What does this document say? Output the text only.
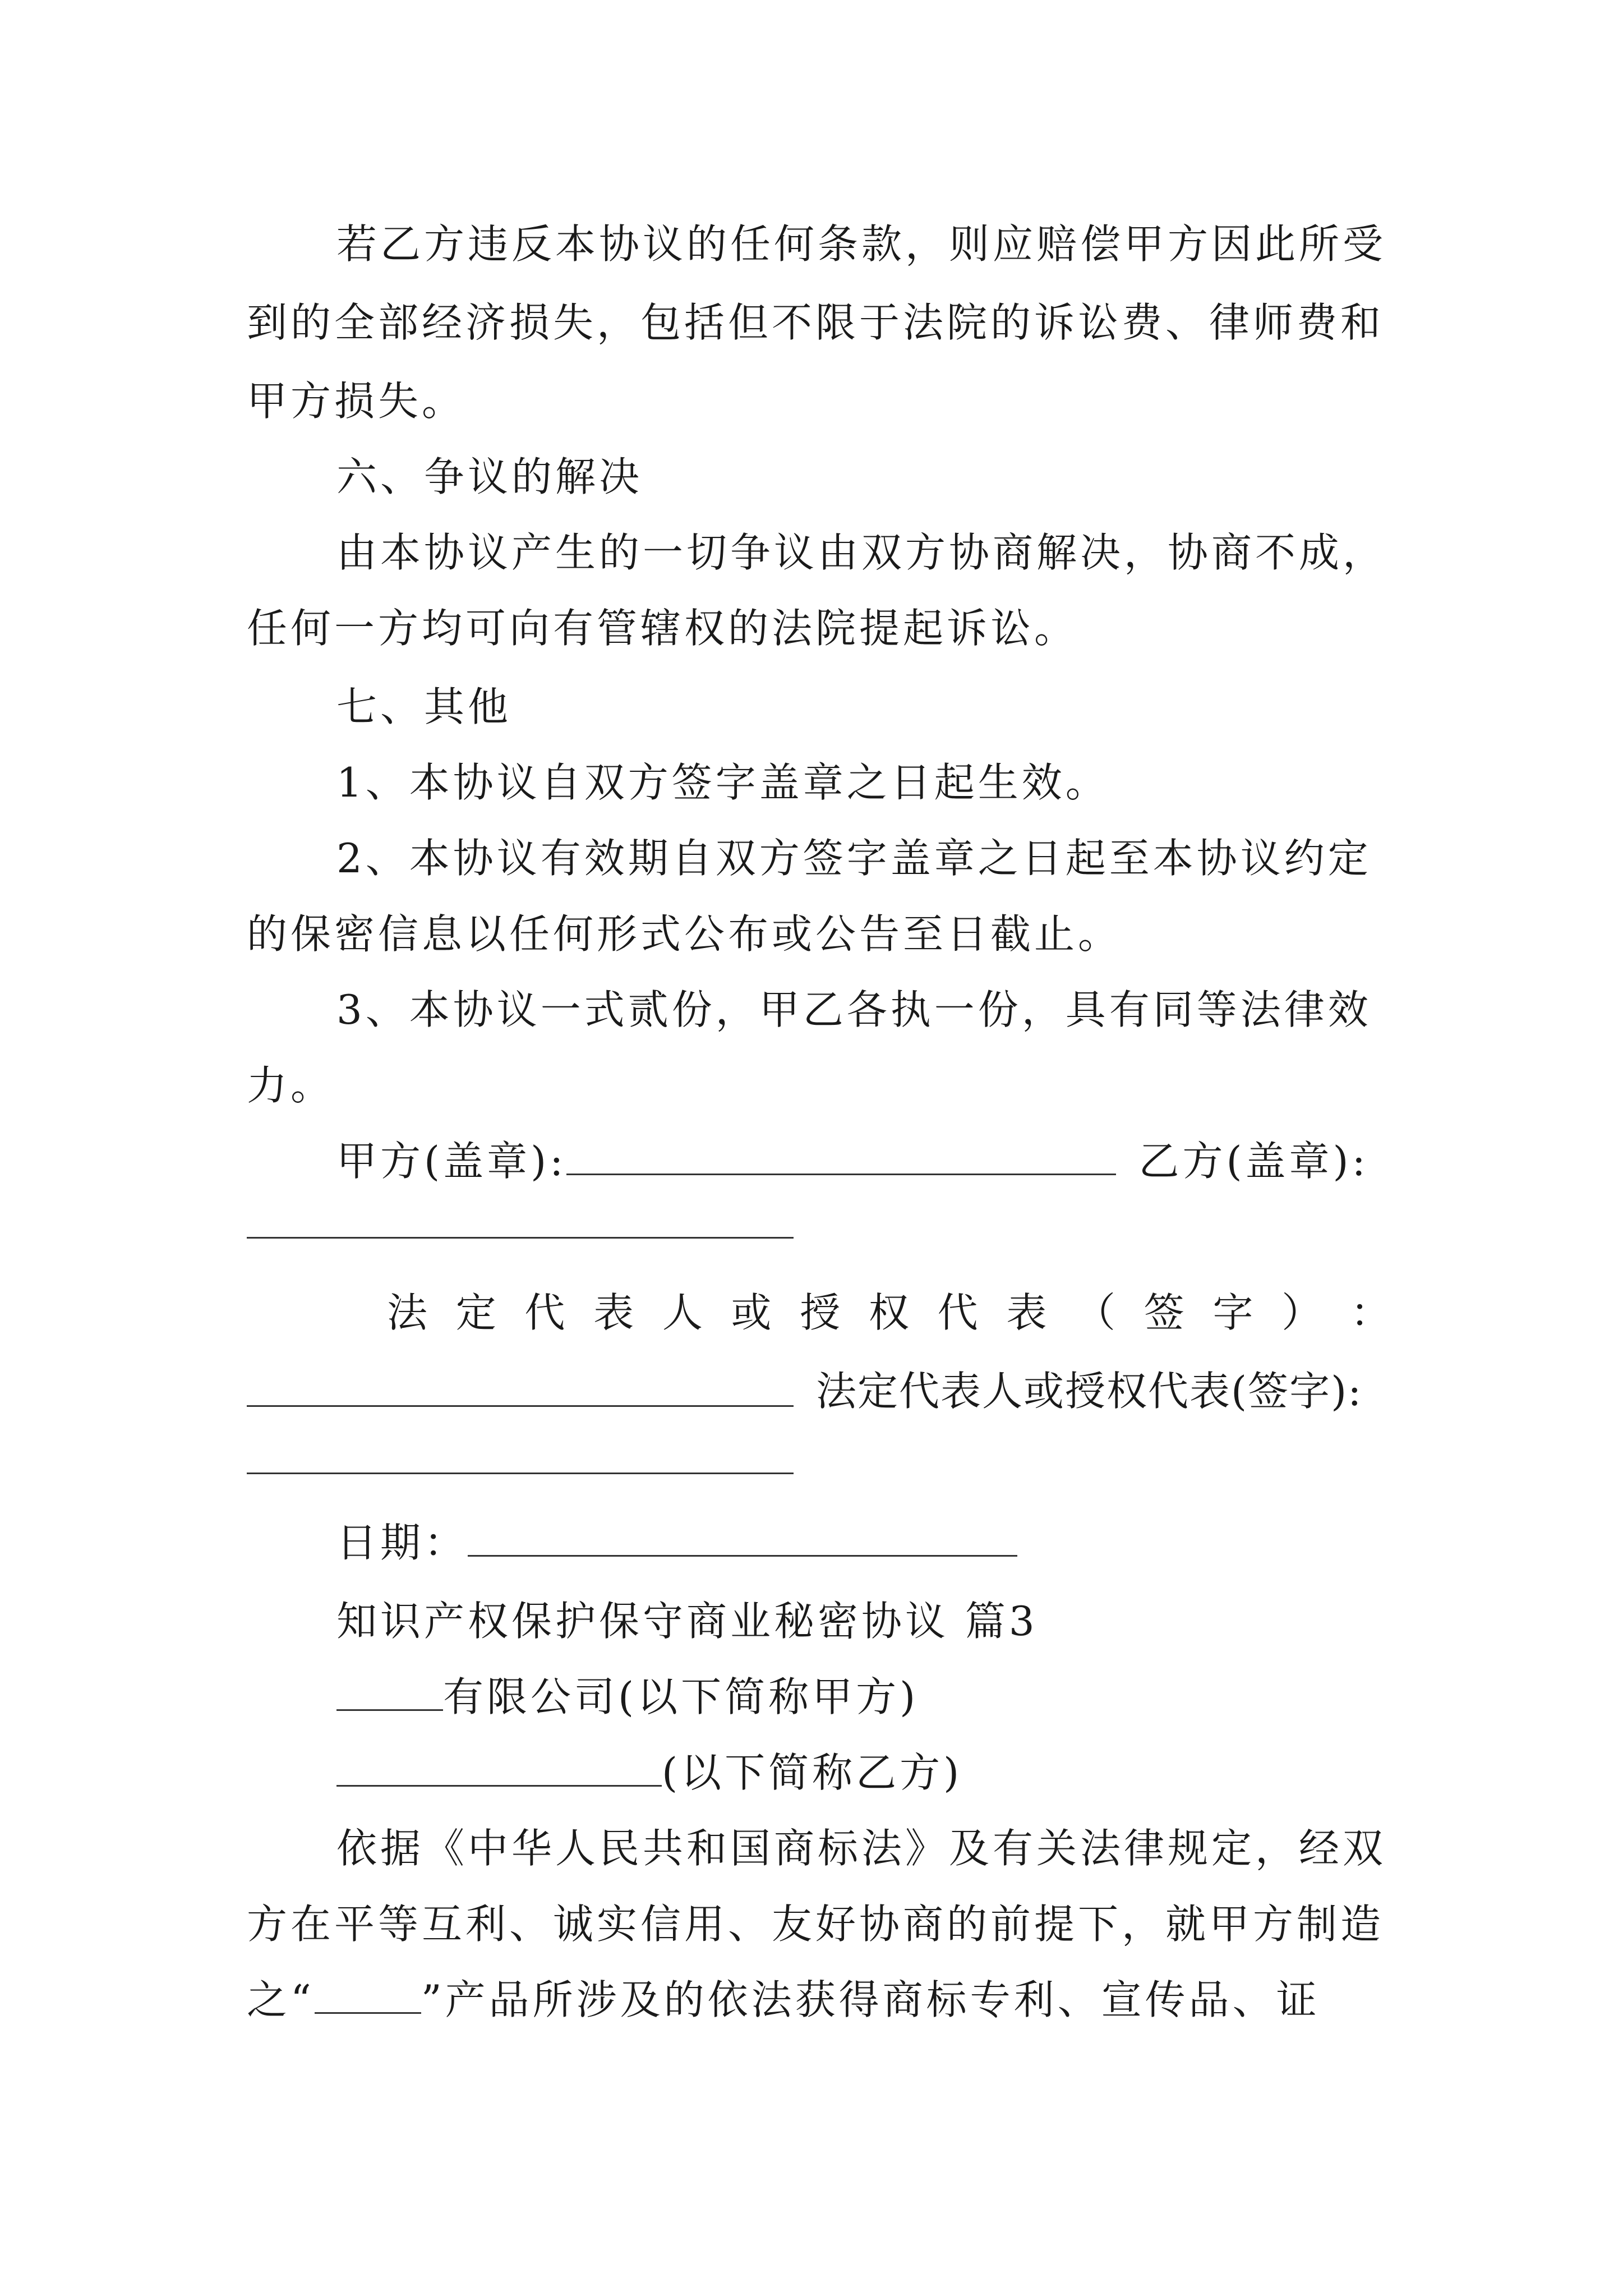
若乙方违反本协议的任何条款，则应赔偿甲方因此所受
到的全部经济损失，包括但不限于法院的诉讼费、律师费和
甲方损失。
六、争议的解决
由本协议产生的一切争议由双方协商解决，协商不成，
任何一方均可向有管辖权的法院提起诉讼。
七、其他
1、本协议自双方签字盖章之日起生效。
2、本协议有效期自双方签字盖章之日起至本协议约定
的保密信息以任何形式公布或公告至日截止。
3、本协议一式贰份，甲乙各执一份，具有同等法律效
力。
甲方(盖章):	乙方(盖章):
法 定 代 表 人 或 授 权 代 表 （ 签 字 ） ：
法定代表人或授权代表(签字):
日期：
知识产权保护保守商业秘密协议 篇3
有限公司(以下简称甲方)
(以下简称乙方)
依据《中华人民共和国商标法》及有关法律规定，经双
方在平等互利、诚实信用、友好协商的前提下，就甲方制造
之“	”产品所涉及的依法获得商标专利、宣传品、证
